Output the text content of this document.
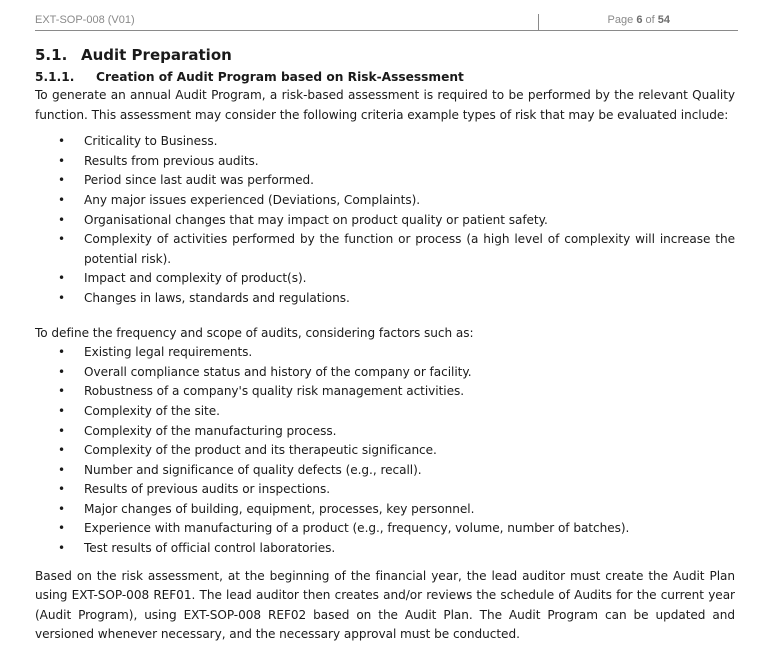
EXT-SOP-008 (V01)	Page 6 of 54
5.1. Audit Preparation
5.1.1. Creation of Audit Program based on Risk-Assessment

To generate an annual Audit Program, a risk-based assessment is required to be performed by the relevant Quality function. This assessment may consider the following criteria example types of risk that may be evaluated include:

• Criticality to Business.
• Results from previous audits.
• Period since last audit was performed.
• Any major issues experienced (Deviations, Complaints).
• Organisational changes that may impact on product quality or patient safety.
• Complexity of activities performed by the function or process (a high level of complexity will increase the potential risk).
• Impact and complexity of product(s).
• Changes in laws, standards and regulations.

To define the frequency and scope of audits, considering factors such as:

• Existing legal requirements.
• Overall compliance status and history of the company or facility.
• Robustness of a company's quality risk management activities.
• Complexity of the site.
• Complexity of the manufacturing process.
• Complexity of the product and its therapeutic significance.
• Number and significance of quality defects (e.g., recall).
• Results of previous audits or inspections.
• Major changes of building, equipment, processes, key personnel.
• Experience with manufacturing of a product (e.g., frequency, volume, number of batches).
• Test results of official control laboratories.

Based on the risk assessment, at the beginning of the financial year, the lead auditor must create the Audit Plan using EXT-SOP-008 REF01. The lead auditor then creates and/or reviews the schedule of Audits for the current year (Audit Program), using EXT-SOP-008 REF02 based on the Audit Plan. The Audit Program can be updated and versioned whenever necessary, and the necessary approval must be conducted.
